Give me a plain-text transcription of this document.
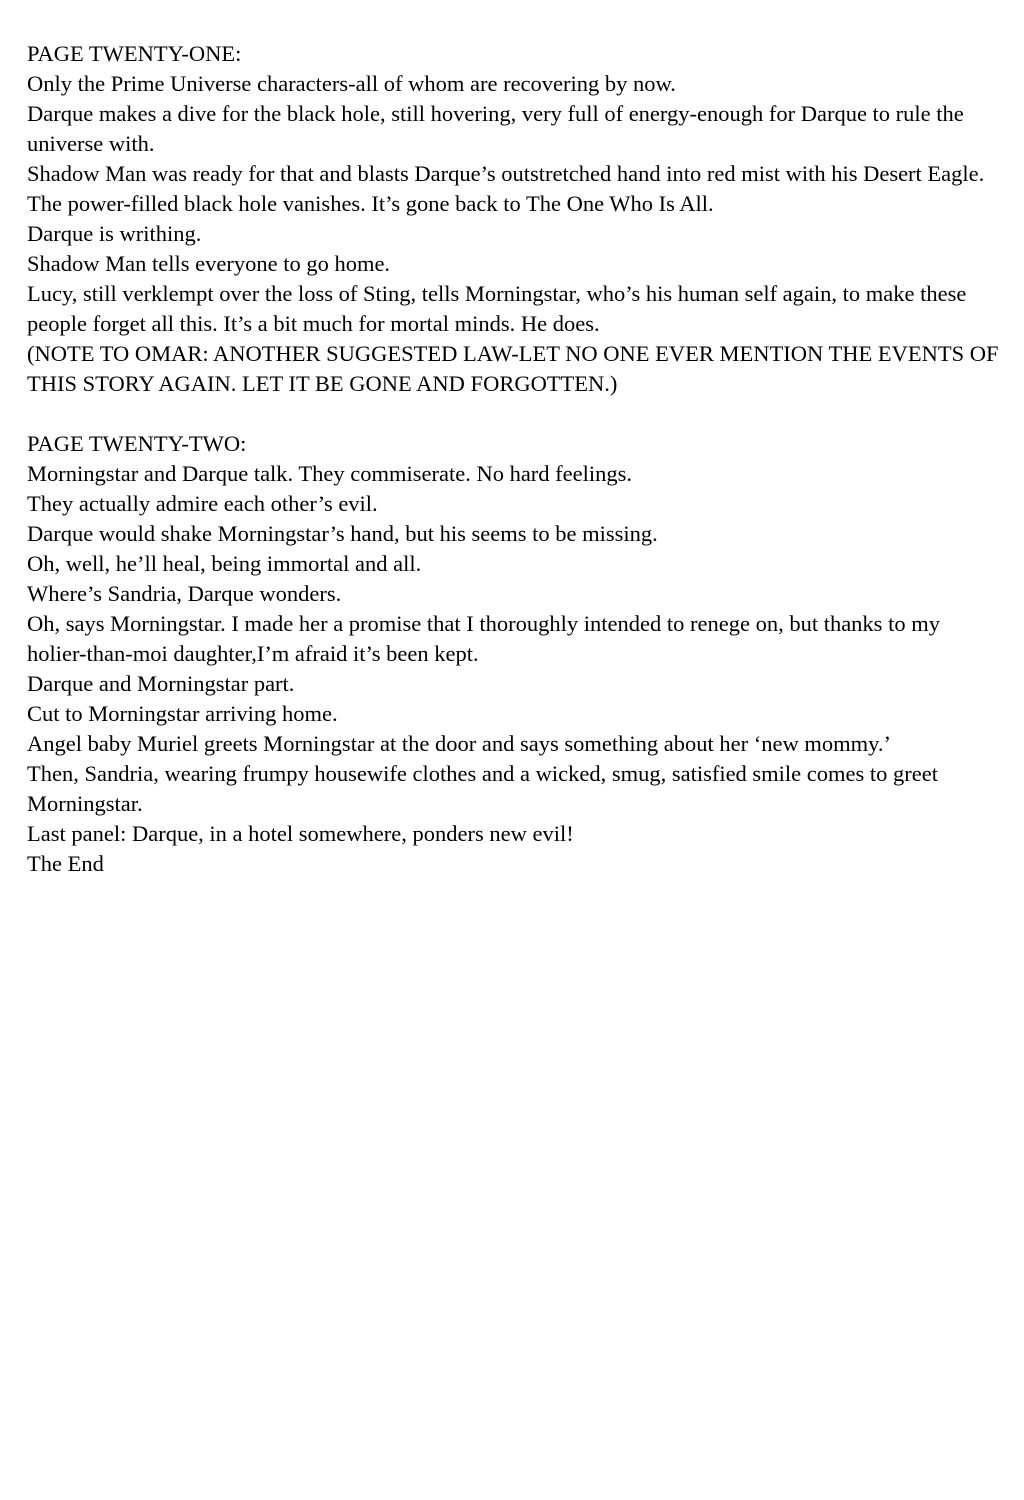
PAGE TWENTY-ONE:

Only the Prime Universe characters-all of whom are recovering by now.

Darque makes a dive for the black hole, still hovering, very full of energy-enough for Darque to rule the universe with.

Shadow Man was ready for that and blasts Darque’s outstretched hand into red mist with his Desert Eagle.

The power-filled black hole vanishes. It’s gone back to The One Who Is All.

Darque is writhing.

Shadow Man tells everyone to go home.

Lucy, still verklempt over the loss of Sting, tells Morningstar, who’s his human self again, to make these people forget all this. It’s a bit much for mortal minds. He does.

(NOTE TO OMAR: ANOTHER SUGGESTED LAW-LET NO ONE EVER MENTION THE EVENTS OF THIS STORY AGAIN. LET IT BE GONE AND FORGOTTEN.)

PAGE TWENTY-TWO:

Morningstar and Darque talk. They commiserate. No hard feelings.

They actually admire each other’s evil.

Darque would shake Morningstar’s hand, but his seems to be missing.

Oh, well, he’ll heal, being immortal and all.

Where’s Sandria, Darque wonders.

Oh, says Morningstar. I made her a promise that I thoroughly intended to renege on, but thanks to my holier-than-moi daughter,I’m afraid it’s been kept.

Darque and Morningstar part.

Cut to Morningstar arriving home.

Angel baby Muriel greets Morningstar at the door and says something about her ‘new mommy.’

Then, Sandria, wearing frumpy housewife clothes and a wicked, smug, satisfied smile comes to greet Morningstar.

Last panel: Darque, in a hotel somewhere, ponders new evil!

The End
